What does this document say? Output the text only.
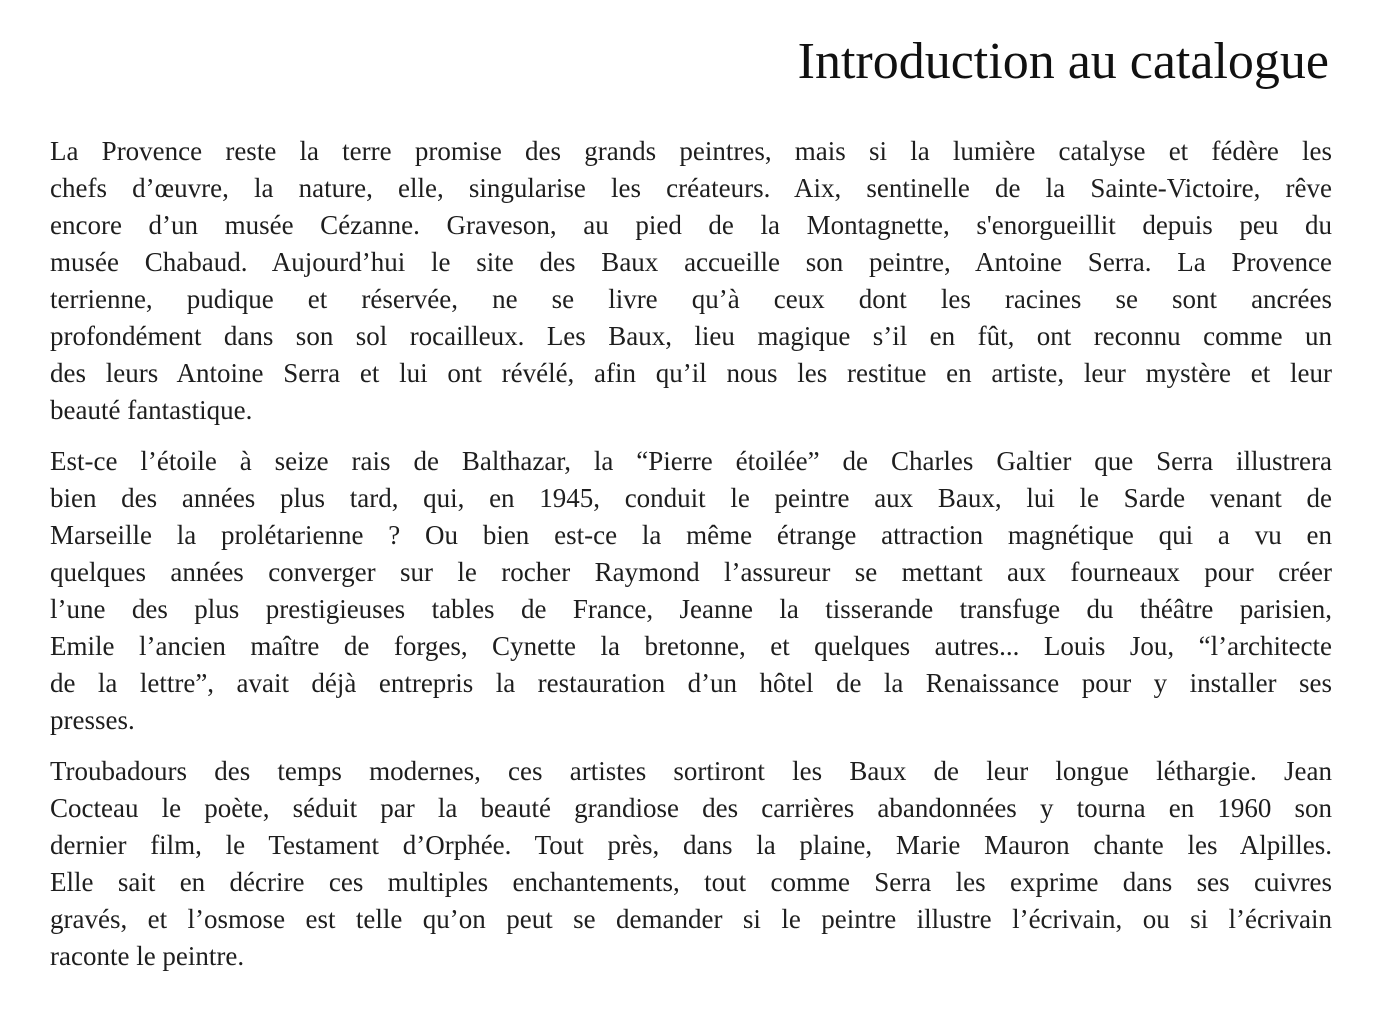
Introduction au catalogue

La Provence reste la terre promise des grands peintres, mais si la lumière catalyse et fédère les
chefs d’œuvre, la nature, elle, singularise les créateurs. Aix, sentinelle de la Sainte-Victoire, rêve
encore d’un musée Cézanne. Graveson, au pied de la Montagnette, s'enorgueillit depuis peu du
musée Chabaud. Aujourd’hui le site des Baux accueille son peintre, Antoine Serra. La Provence
terrienne, pudique et réservée, ne se livre qu’à ceux dont les racines se sont ancrées
profondément dans son sol rocailleux. Les Baux, lieu magique s’il en fût, ont reconnu comme un
des leurs Antoine Serra et lui ont révélé, afin qu’il nous les restitue en artiste, leur mystère et leur
beauté fantastique.

Est-ce l’étoile à seize rais de Balthazar, la “Pierre étoilée” de Charles Galtier que Serra illustrera
bien des années plus tard, qui, en 1945, conduit le peintre aux Baux, lui le Sarde venant de
Marseille la prolétarienne ? Ou bien est-ce la même étrange attraction magnétique qui a vu en
quelques années converger sur le rocher Raymond l’assureur se mettant aux fourneaux pour créer
l’une des plus prestigieuses tables de France, Jeanne la tisserande transfuge du théâtre parisien,
Emile l’ancien maître de forges, Cynette la bretonne, et quelques autres... Louis Jou, “l’architecte
de la lettre”, avait déjà entrepris la restauration d’un hôtel de la Renaissance pour y installer ses
presses.

Troubadours des temps modernes, ces artistes sortiront les Baux de leur longue léthargie. Jean
Cocteau le poète, séduit par la beauté grandiose des carrières abandonnées y tourna en 1960 son
dernier film, le Testament d’Orphée. Tout près, dans la plaine, Marie Mauron chante les Alpilles.
Elle sait en décrire ces multiples enchantements, tout comme Serra les exprime dans ses cuivres
gravés, et l’osmose est telle qu’on peut se demander si le peintre illustre l’écrivain, ou si l’écrivain
raconte le peintre.
